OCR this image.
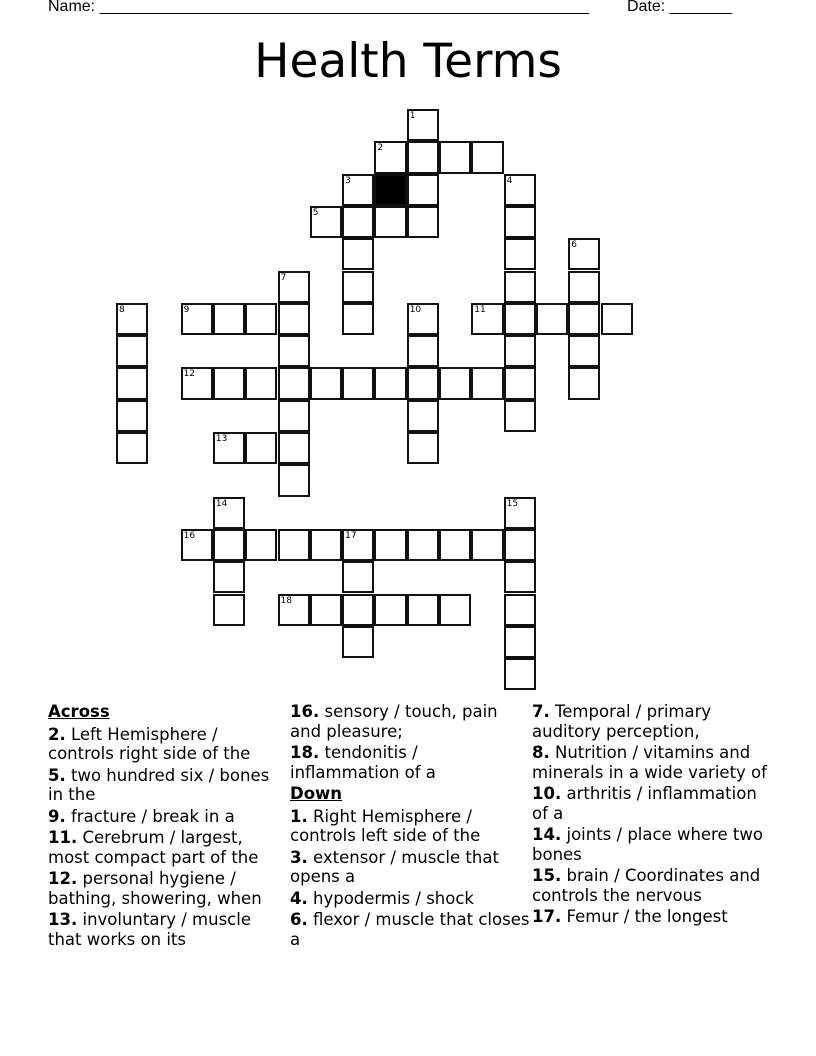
Name: _______________________________________________________ Date: _______
Health Terms
1
2
3	4
5
6
7
8	9	10	11
12
13
14	15
16	17
18
Across
2. Left Hemisphere / controls right side of the
5. two hundred six / bones in the
9. fracture / break in a
11. Cerebrum / largest, most compact part of the
12. personal hygiene / bathing, showering, when
13. involuntary / muscle that works on its
16. sensory / touch, pain and pleasure;
18. tendonitis / inflammation of a
Down
1. Right Hemisphere / controls left side of the
3. extensor / muscle that opens a
4. hypodermis / shock
6. flexor / muscle that closes a
7. Temporal / primary auditory perception,
8. Nutrition / vitamins and minerals in a wide variety of
10. arthritis / inflammation of a
14. joints / place where two bones
15. brain / Coordinates and controls the nervous
17. Femur / the longest
